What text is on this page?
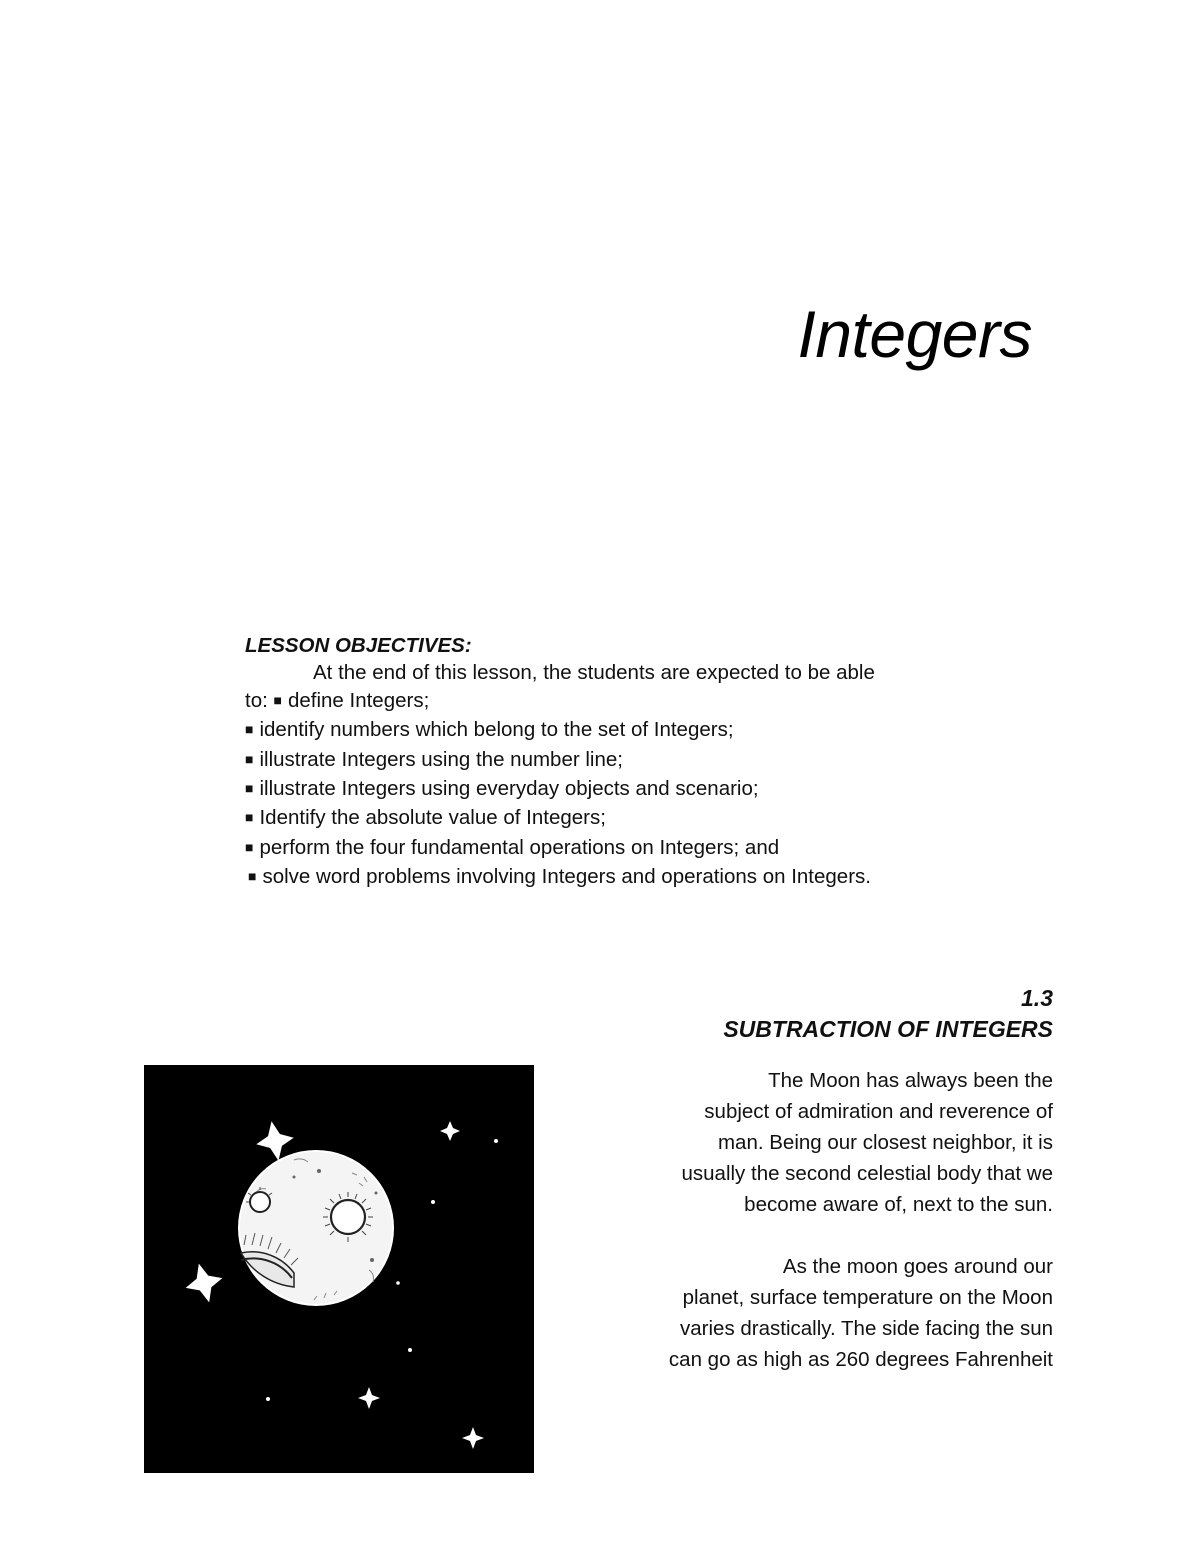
Integers
LESSON OBJECTIVES:
At the end of this lesson, the students are expected to be able
to: ■ define Integers;
■ identify numbers which belong to the set of Integers;
■ illustrate Integers using the number line;
■ illustrate Integers using everyday objects and scenario;
■ Identify the absolute value of Integers;
■ perform the four fundamental operations on Integers; and
■ solve word problems involving Integers and operations on Integers.
1.3
SUBTRACTION OF INTEGERS
The Moon has always been the
subject of admiration and reverence of
man. Being our closest neighbor, it is
usually the second celestial body that we
become aware of, next to the sun.
As the moon goes around our
planet, surface temperature on the Moon
varies drastically. The side facing the sun
can go as high as 260 degrees Fahrenheit
